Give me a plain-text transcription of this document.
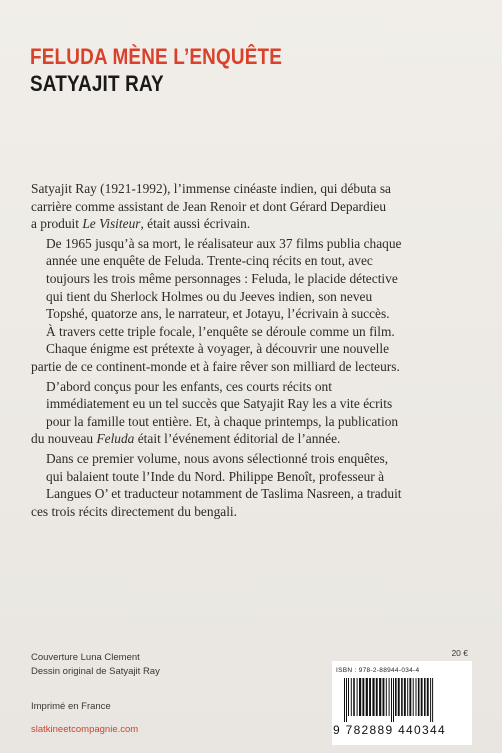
FELUDA MÈNE L’ENQUÊTE
SATYAJIT RAY

Satyajit Ray (1921-1992), l’immense cinéaste indien, qui débuta sa
carrière comme assistant de Jean Renoir et dont Gérard Depardieu
a produit Le Visiteur, était aussi écrivain.

De 1965 jusqu’à sa mort, le réalisateur aux 37 films publia chaque
année une enquête de Feluda. Trente-cinq récits en tout, avec
toujours les trois même personnages : Feluda, le placide détective
qui tient du Sherlock Holmes ou du Jeeves indien, son neveu
Topshé, quatorze ans, le narrateur, et Jotayu, l’écrivain à succès.
À travers cette triple focale, l’enquête se déroule comme un film.
Chaque énigme est prétexte à voyager, à découvrir une nouvelle
partie de ce continent-monde et à faire rêver son milliard de lecteurs.

D’abord conçus pour les enfants, ces courts récits ont
immédiatement eu un tel succès que Satyajit Ray les a vite écrits
pour la famille tout entière. Et, à chaque printemps, la publication
du nouveau Feluda était l’événement éditorial de l’année.

Dans ce premier volume, nous avons sélectionné trois enquêtes,
qui balaient toute l’Inde du Nord. Philippe Benoît, professeur à
Langues O’ et traducteur notamment de Taslima Nasreen, a traduit
ces trois récits directement du bengali.

Couverture Luna Clement
Dessin original de Satyajit Ray
Imprimé en France
slatkineetcompagnie.com
20 €
ISBN : 978-2-88944-034-4
9 782889 440344
